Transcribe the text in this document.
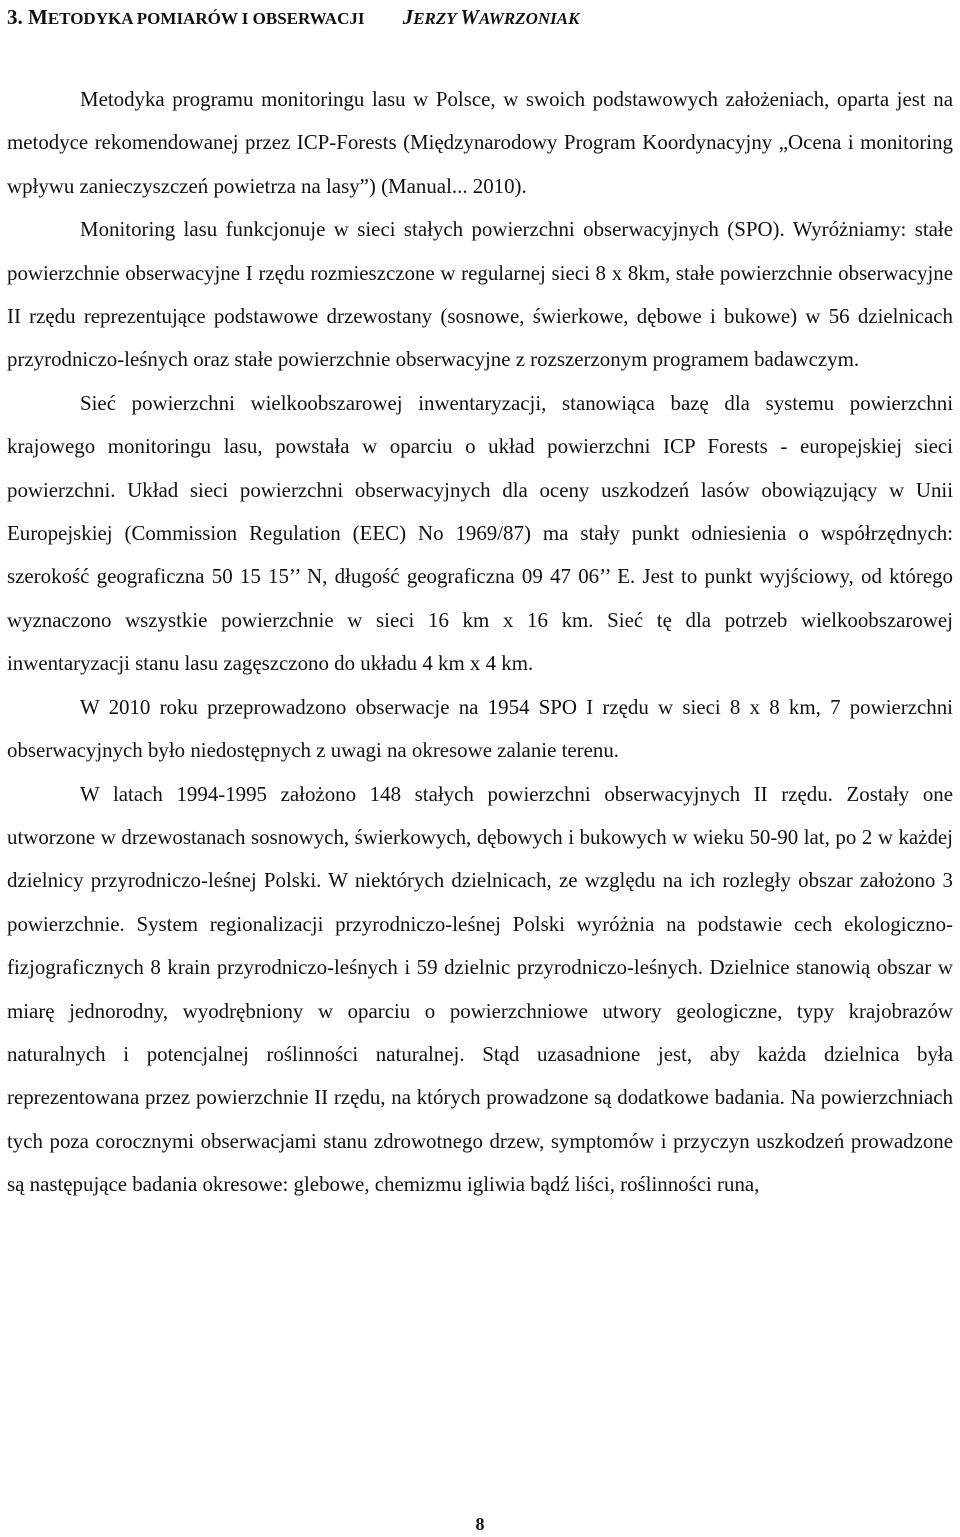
3. METODYKA POMIARÓW I OBSERWACJI JERZY WAWRZONIAK

Metodyka programu monitoringu lasu w Polsce, w swoich podstawowych założeniach, oparta jest na metodyce rekomendowanej przez ICP-Forests (Międzynarodowy Program Koordynacyjny „Ocena i monitoring wpływu zanieczyszczeń powietrza na lasy”) (Manual... 2010).

Monitoring lasu funkcjonuje w sieci stałych powierzchni obserwacyjnych (SPO). Wyróżniamy: stałe powierzchnie obserwacyjne I rzędu rozmieszczone w regularnej sieci 8 x 8km, stałe powierzchnie obserwacyjne II rzędu reprezentujące podstawowe drzewostany (sosnowe, świerkowe, dębowe i bukowe) w 56 dzielnicach przyrodniczo-leśnych oraz stałe powierzchnie obserwacyjne z rozszerzonym programem badawczym.

Sieć powierzchni wielkoobszarowej inwentaryzacji, stanowiąca bazę dla systemu powierzchni krajowego monitoringu lasu, powstała w oparciu o układ powierzchni ICP Forests - europejskiej sieci powierzchni. Układ sieci powierzchni obserwacyjnych dla oceny uszkodzeń lasów obowiązujący w Unii Europejskiej (Commission Regulation (EEC) No 1969/87) ma stały punkt odniesienia o współrzędnych: szerokość geograficzna 50 15 15’’ N, długość geograficzna 09 47 06’’ E. Jest to punkt wyjściowy, od którego wyznaczono wszystkie powierzchnie w sieci 16 km x 16 km. Sieć tę dla potrzeb wielkoobszarowej inwentaryzacji stanu lasu zagęszczono do układu 4 km x 4 km.

W 2010 roku przeprowadzono obserwacje na 1954 SPO I rzędu w sieci 8 x 8 km, 7 powierzchni obserwacyjnych było niedostępnych z uwagi na okresowe zalanie terenu.

W latach 1994-1995 założono 148 stałych powierzchni obserwacyjnych II rzędu. Zostały one utworzone w drzewostanach sosnowych, świerkowych, dębowych i bukowych w wieku 50-90 lat, po 2 w każdej dzielnicy przyrodniczo-leśnej Polski. W niektórych dzielnicach, ze względu na ich rozległy obszar założono 3 powierzchnie. System regionalizacji przyrodniczo-leśnej Polski wyróżnia na podstawie cech ekologiczno-fizjograficznych 8 krain przyrodniczo-leśnych i 59 dzielnic przyrodniczo-leśnych. Dzielnice stanowią obszar w miarę jednorodny, wyodrębniony w oparciu o powierzchniowe utwory geologiczne, typy krajobrazów naturalnych i potencjalnej roślinności naturalnej. Stąd uzasadnione jest, aby każda dzielnica była reprezentowana przez powierzchnie II rzędu, na których prowadzone są dodatkowe badania. Na powierzchniach tych poza corocznymi obserwacjami stanu zdrowotnego drzew, symptomów i przyczyn uszkodzeń prowadzone są następujące badania okresowe: glebowe, chemizmu igliwia bądź liści, roślinności runa,

8
